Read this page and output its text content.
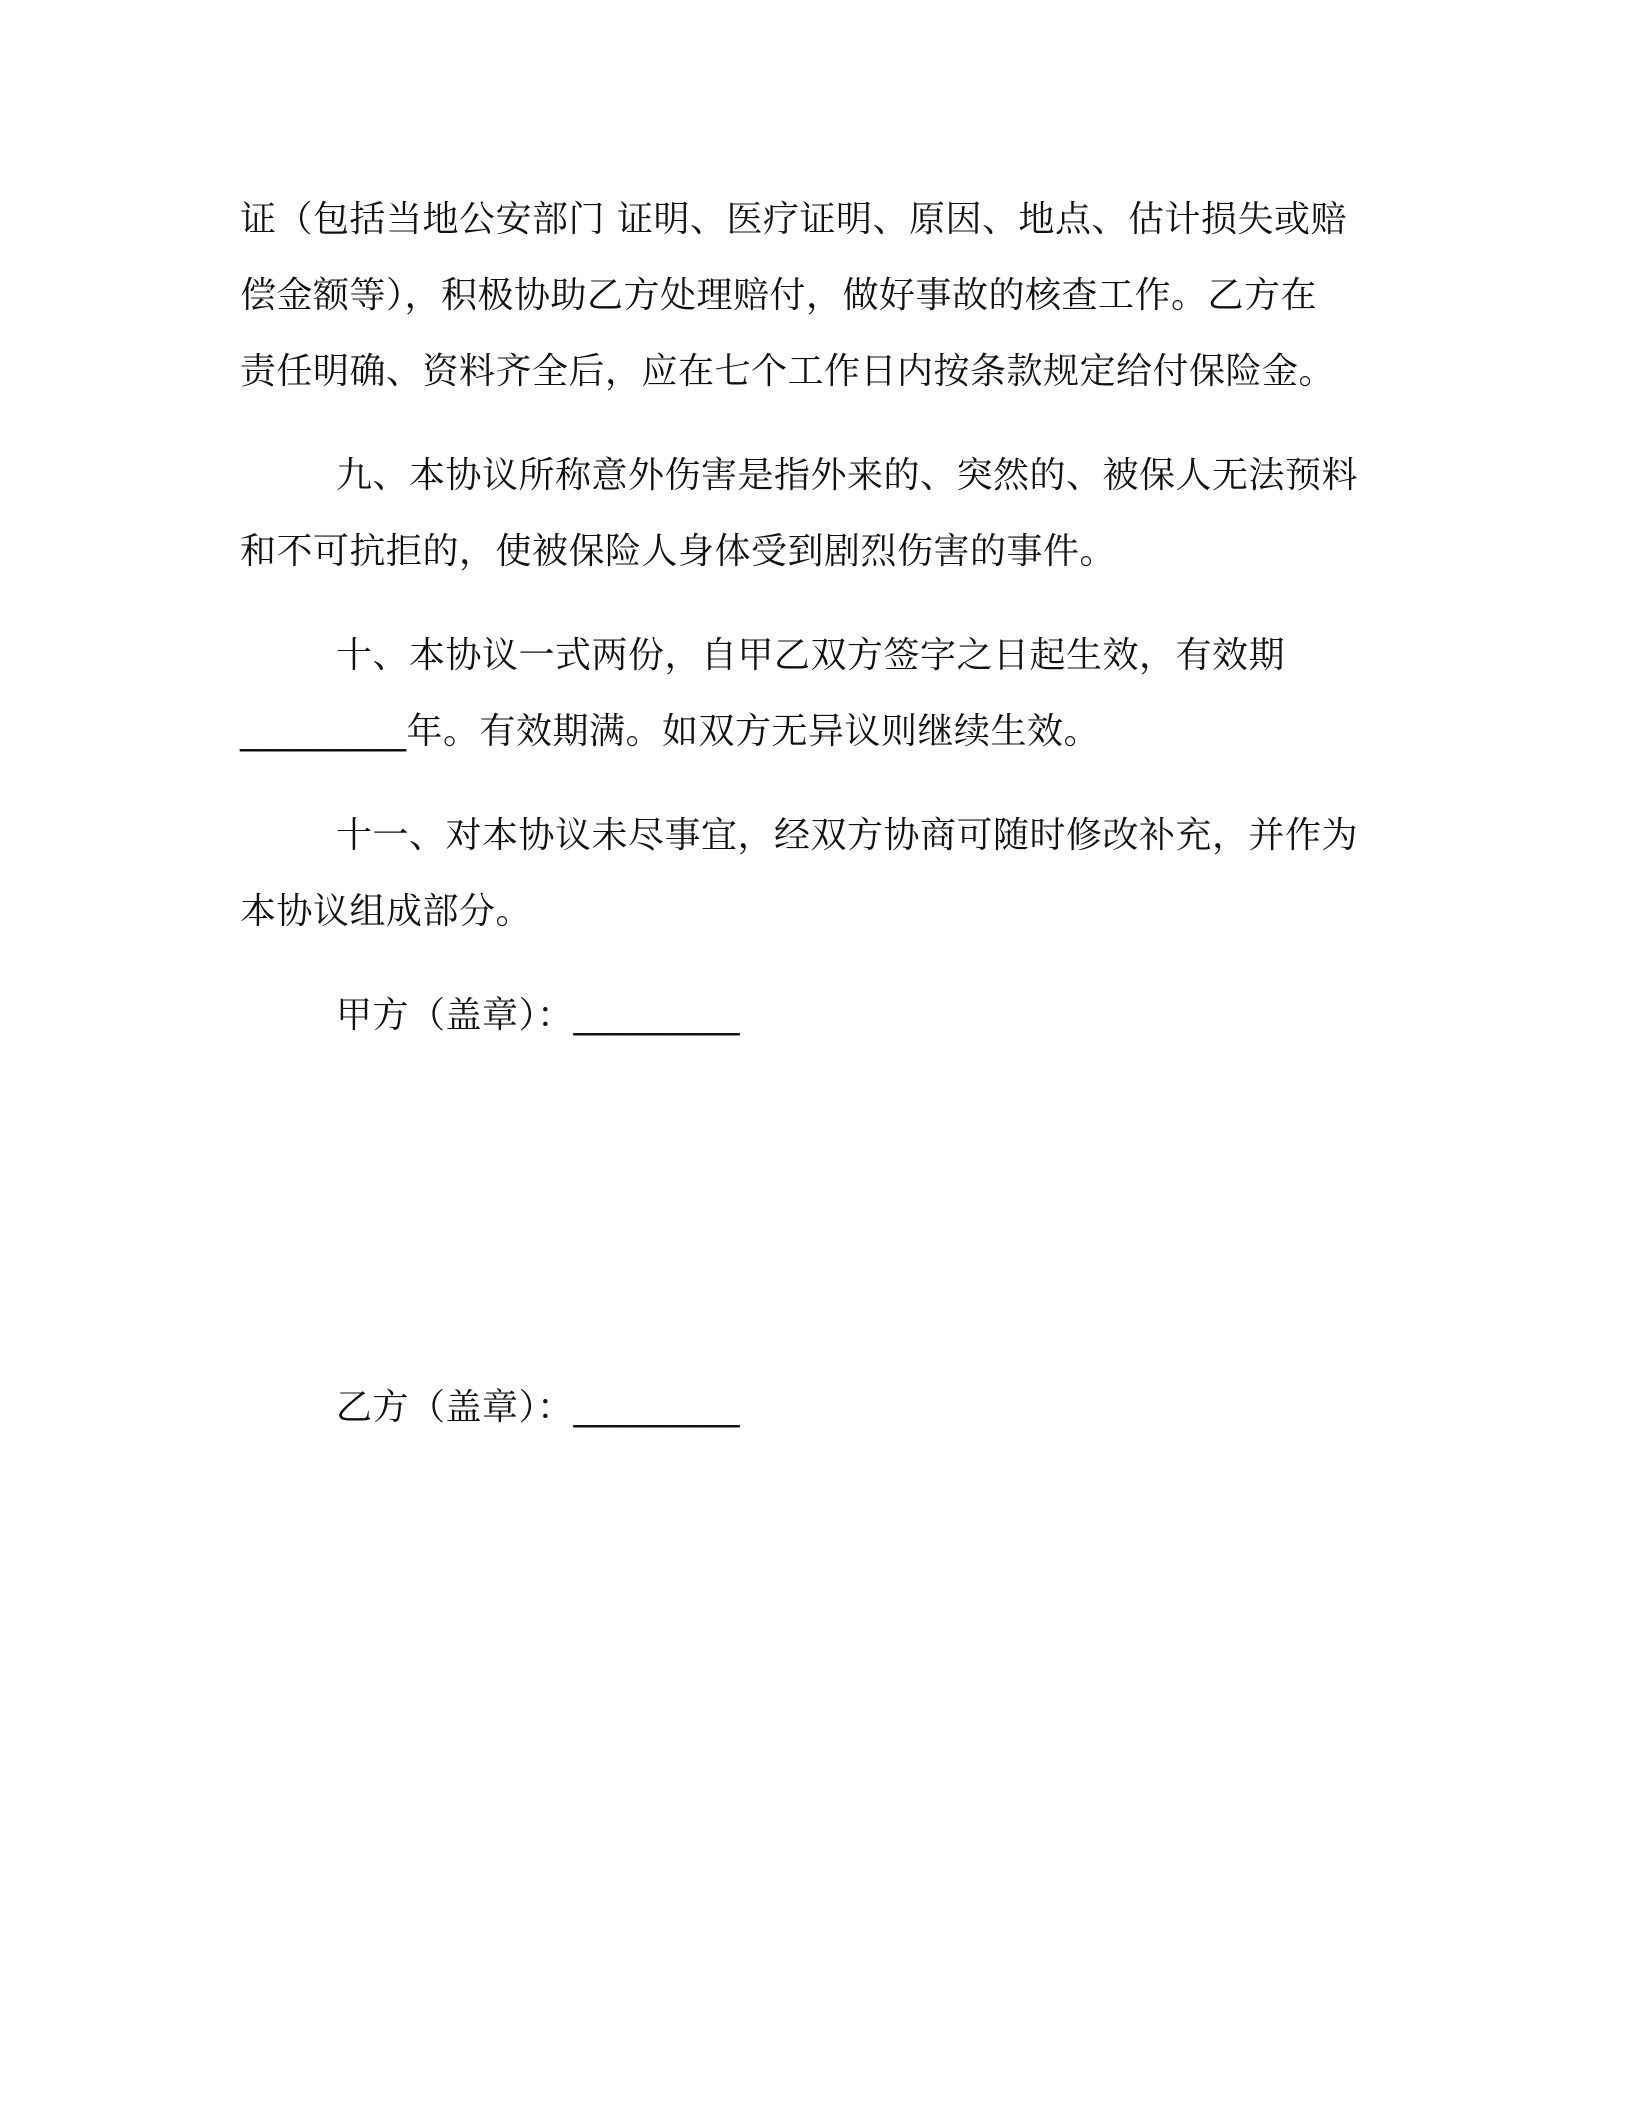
证（包括当地公安部门 证明、医疗证明、原因、地点、估计损失或赔
偿金额等），积极协助乙方处理赔付，做好事故的核查工作。乙方在
责任明确、资料齐全后，应在七个工作日内按条款规定给付保险金。
九、本协议所称意外伤害是指外来的、突然的、被保人无法预料
和不可抗拒的，使被保险人身体受到剧烈伤害的事件。
十、本协议一式两份，自甲乙双方签字之日起生效，有效期
_________年。有效期满。如双方无异议则继续生效。
十一、对本协议未尽事宜，经双方协商可随时修改补充，并作为
本协议组成部分。
甲方（盖章）：_________
乙方（盖章）：_________
